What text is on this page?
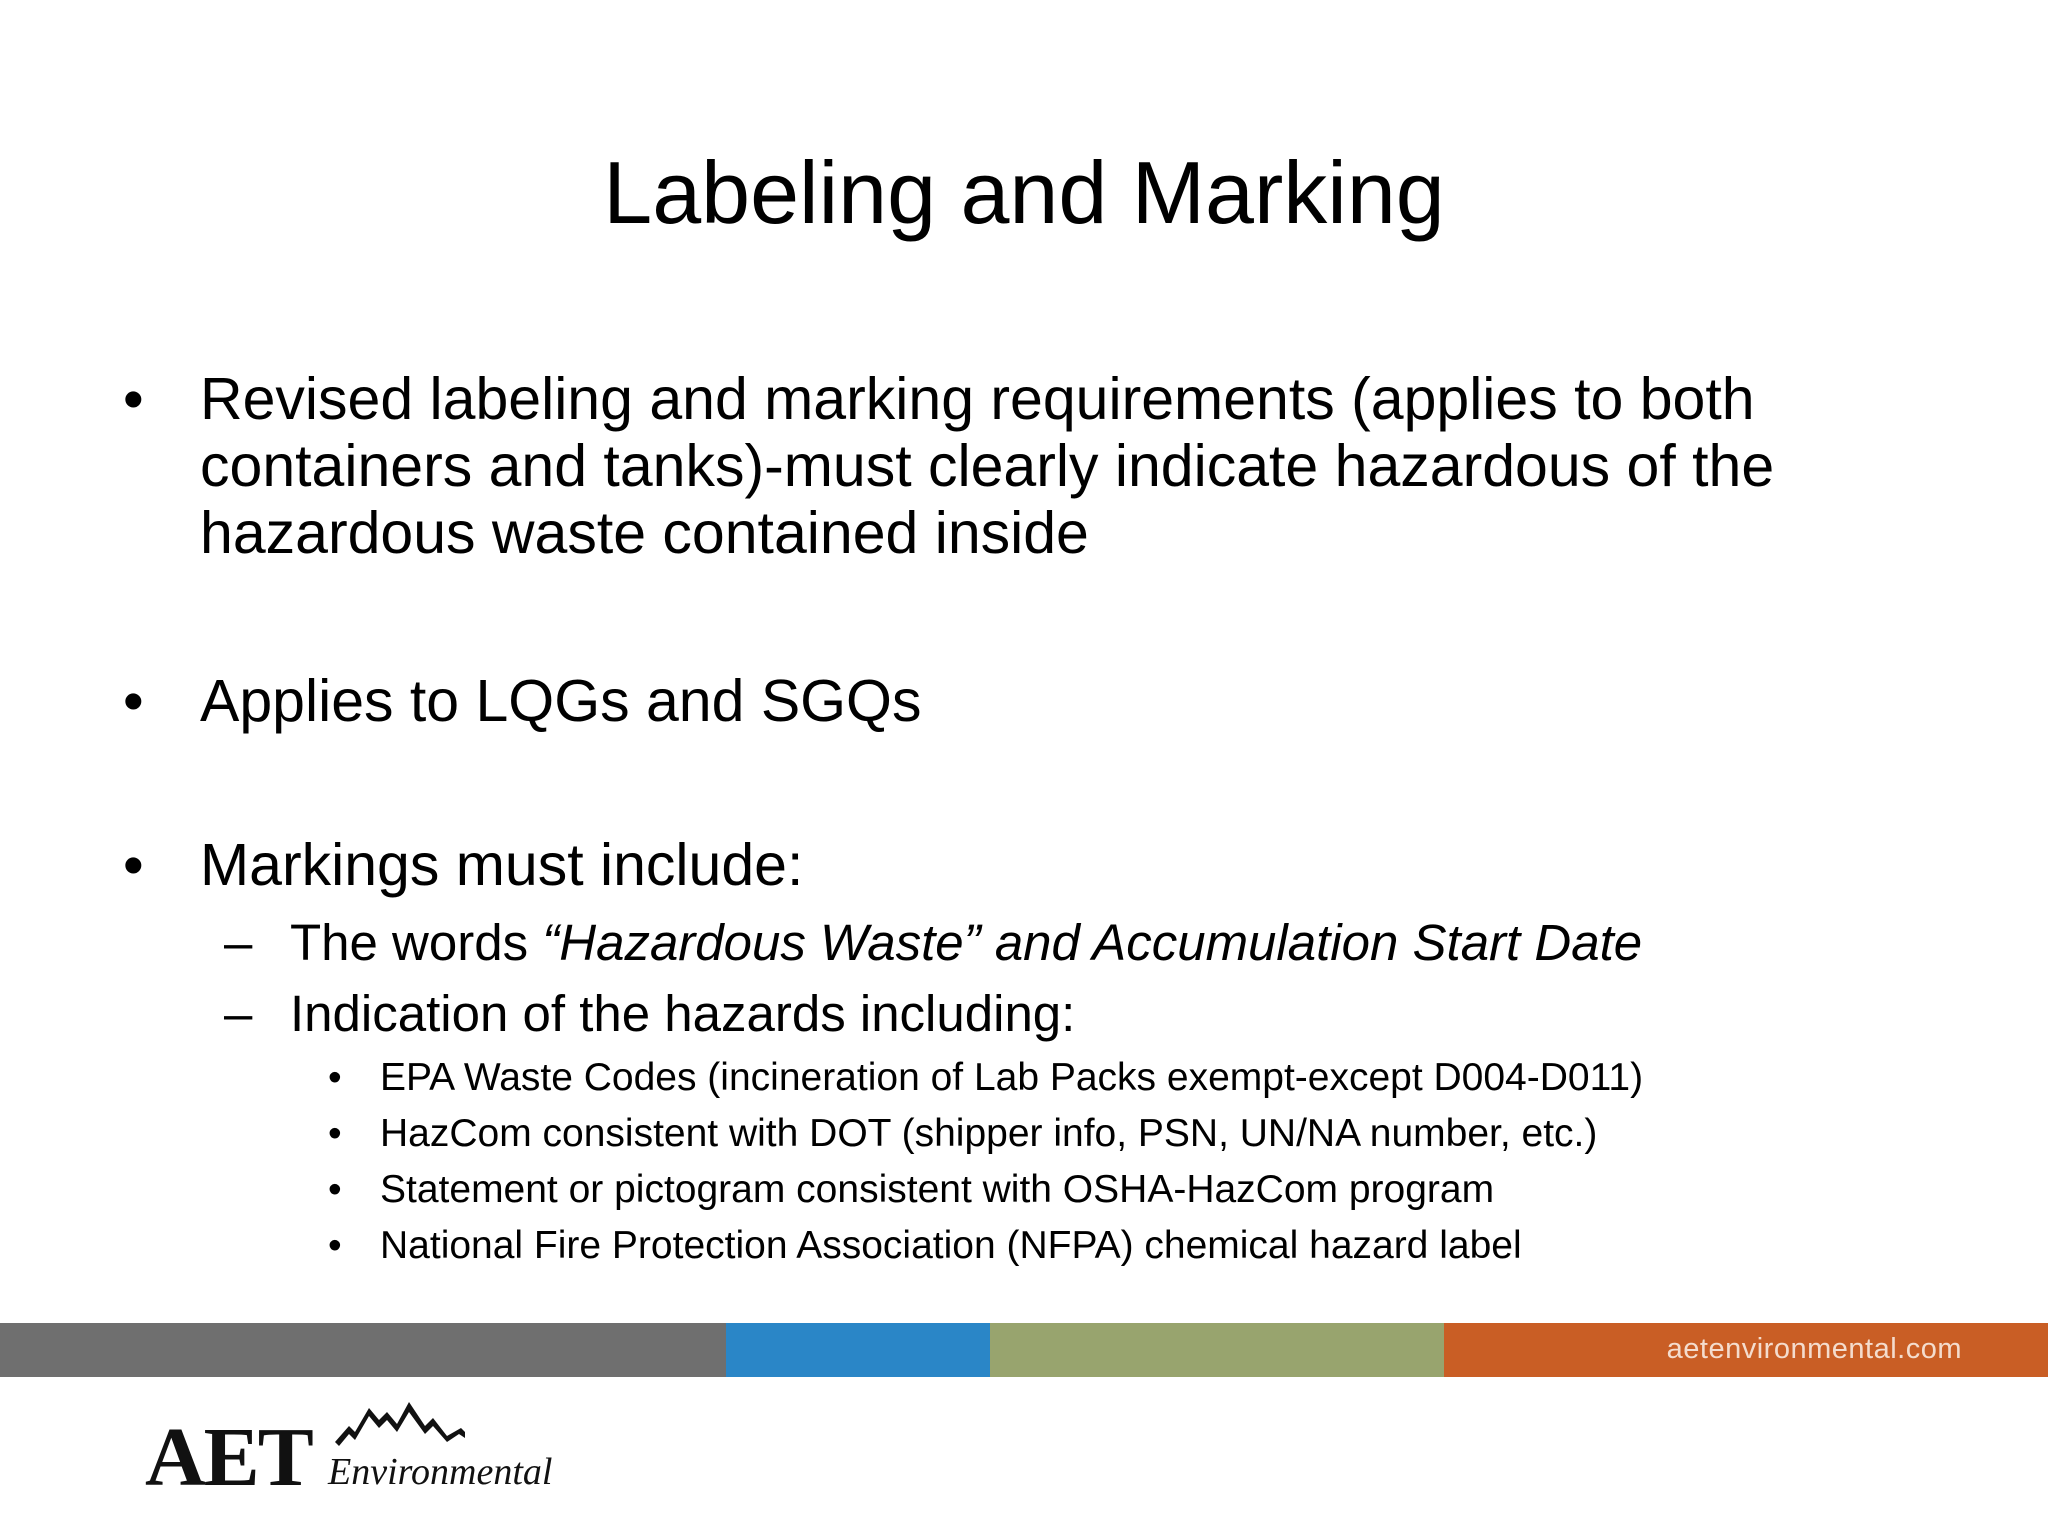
Labeling and Marking
• Revised labeling and marking requirements (applies to both containers and tanks)-must clearly indicate hazardous of the hazardous waste contained inside
• Applies to LQGs and SGQs
• Markings must include:
– The words “Hazardous Waste” and Accumulation Start Date
– Indication of the hazards including:
• EPA Waste Codes (incineration of Lab Packs exempt-except D004-D011)
• HazCom consistent with DOT (shipper info, PSN, UN/NA number, etc.)
• Statement or pictogram consistent with OSHA-HazCom program
• National Fire Protection Association (NFPA) chemical hazard label
aetenvironmental.com
AET Environmental
